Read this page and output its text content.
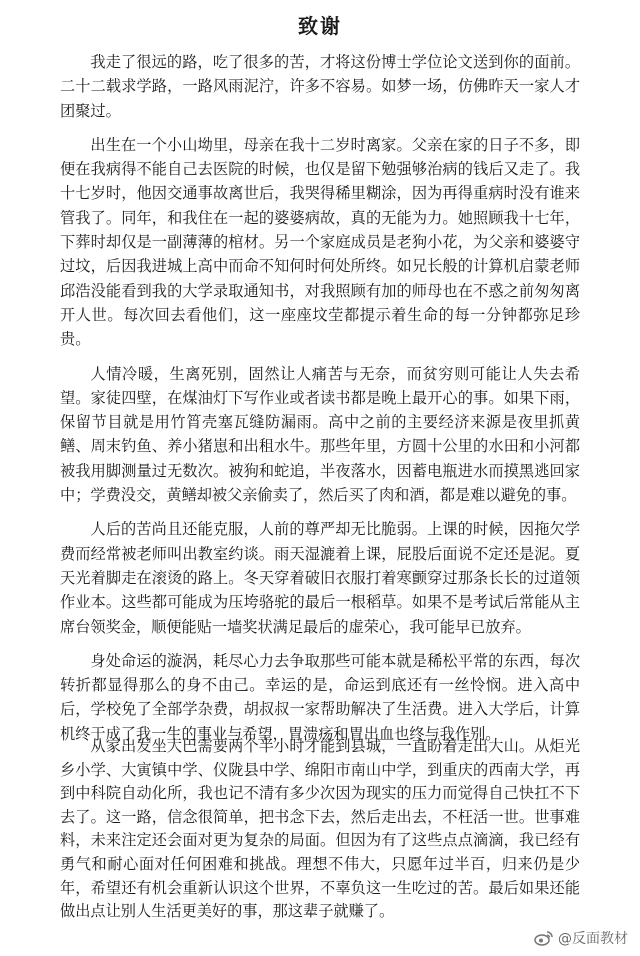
致谢

我走了很远的路，吃了很多的苦，才将这份博士学位论文送到你的面前。二十二载求学路，一路风雨泥泞，许多不容易。如梦一场，仿佛昨天一家人才团聚过。

出生在一个小山坳里，母亲在我十二岁时离家。父亲在家的日子不多，即便在我病得不能自己去医院的时候，也仅是留下勉强够治病的钱后又走了。我十七岁时，他因交通事故离世后，我哭得稀里糊涂，因为再得重病时没有谁来管我了。同年，和我住在一起的婆婆病故，真的无能为力。她照顾我十七年，下葬时却仅是一副薄薄的棺材。另一个家庭成员是老狗小花，为父亲和婆婆守过坟，后因我进城上高中而命不知何时何处所终。如兄长般的计算机启蒙老师邱浩没能看到我的大学录取通知书，对我照顾有加的师母也在不惑之前匆匆离开人世。每次回去看他们，这一座座坟茔都提示着生命的每一分钟都弥足珍贵。

人情冷暖，生离死别，固然让人痛苦与无奈，而贫穷则可能让人失去希望。家徒四壁，在煤油灯下写作业或者读书都是晚上最开心的事。如果下雨，保留节目就是用竹筲壳塞瓦缝防漏雨。高中之前的主要经济来源是夜里抓黄鳝、周末钓鱼、养小猪崽和出租水牛。那些年里，方圆十公里的水田和小河都被我用脚测量过无数次。被狗和蛇追，半夜落水，因蓄电瓶进水而摸黑逃回家中；学费没交，黄鳝却被父亲偷卖了，然后买了肉和酒，都是难以避免的事。

人后的苦尚且还能克服，人前的尊严却无比脆弱。上课的时候，因拖欠学费而经常被老师叫出教室约谈。雨天湿漉着上课，屁股后面说不定还是泥。夏天光着脚走在滚烫的路上。冬天穿着破旧衣服打着寒颤穿过那条长长的过道领作业本。这些都可能成为压垮骆驼的最后一根稻草。如果不是考试后常能从主席台领奖金，顺便能贴一墙奖状满足最后的虚荣心，我可能早已放弃。

身处命运的漩涡，耗尽心力去争取那些可能本就是稀松平常的东西，每次转折都显得那么的身不由己。幸运的是，命运到底还有一丝怜悯。进入高中后，学校免了全部学杂费，胡叔叔一家帮助解决了生活费。进入大学后，计算机终于成了我一生的事业与希望，胃溃疡和胃出血也终与我作别。

从家出发坐大巴需要两个半小时才能到县城，一直盼着走出大山。从炬光乡小学、大寅镇中学、仪陇县中学、绵阳市南山中学，到重庆的西南大学，再到中科院自动化所，我也记不清有多少次因为现实的压力而觉得自己快扛不下去了。这一路，信念很简单，把书念下去，然后走出去，不枉活一世。世事难料，未来注定还会面对更为复杂的局面。但因为有了这些点点滴滴，我已经有勇气和耐心面对任何困难和挑战。理想不伟大，只愿年过半百，归来仍是少年，希望还有机会重新认识这个世界，不辜负这一生吃过的苦。最后如果还能做出点让别人生活更美好的事，那这辈子就赚了。

@反面教材
